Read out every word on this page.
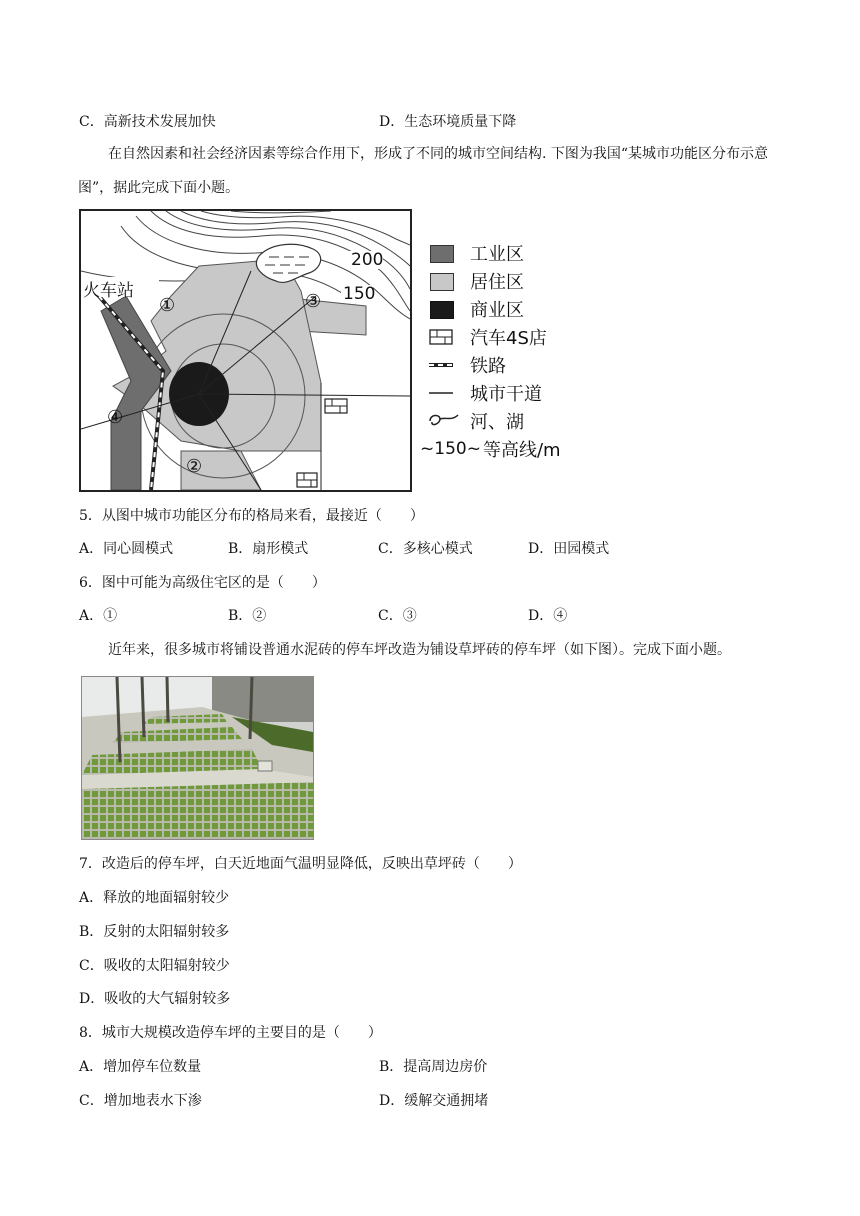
C．高新技术发展加快	D．生态环境质量下降
在自然因素和社会经济因素等综合作用下，形成了不同的城市空间结构. 下图为我国“某城市功能区分布示意图”，据此完成下面小题。
火车站
200
150
①
②
③
④
工业区
居住区
商业区
汽车4S店
铁路
城市干道
河、湖
~ 150 ~ 等高线/m
5．从图中城市功能区分布的格局来看，最接近（　　）
A．同心圆模式	B．扇形模式	C．多核心模式	D．田园模式
6．图中可能为高级住宅区的是（　　）
A．①	B．②	C．③	D．④
近年来，很多城市将铺设普通水泥砖的停车坪改造为铺设草坪砖的停车坪（如下图）。完成下面小题。
7．改造后的停车坪，白天近地面气温明显降低，反映出草坪砖（　　）
A．释放的地面辐射较少
B．反射的太阳辐射较多
C．吸收的太阳辐射较少
D．吸收的大气辐射较多
8．城市大规模改造停车坪的主要目的是（　　）
A．增加停车位数量	B．提高周边房价
C．增加地表水下渗	D．缓解交通拥堵
